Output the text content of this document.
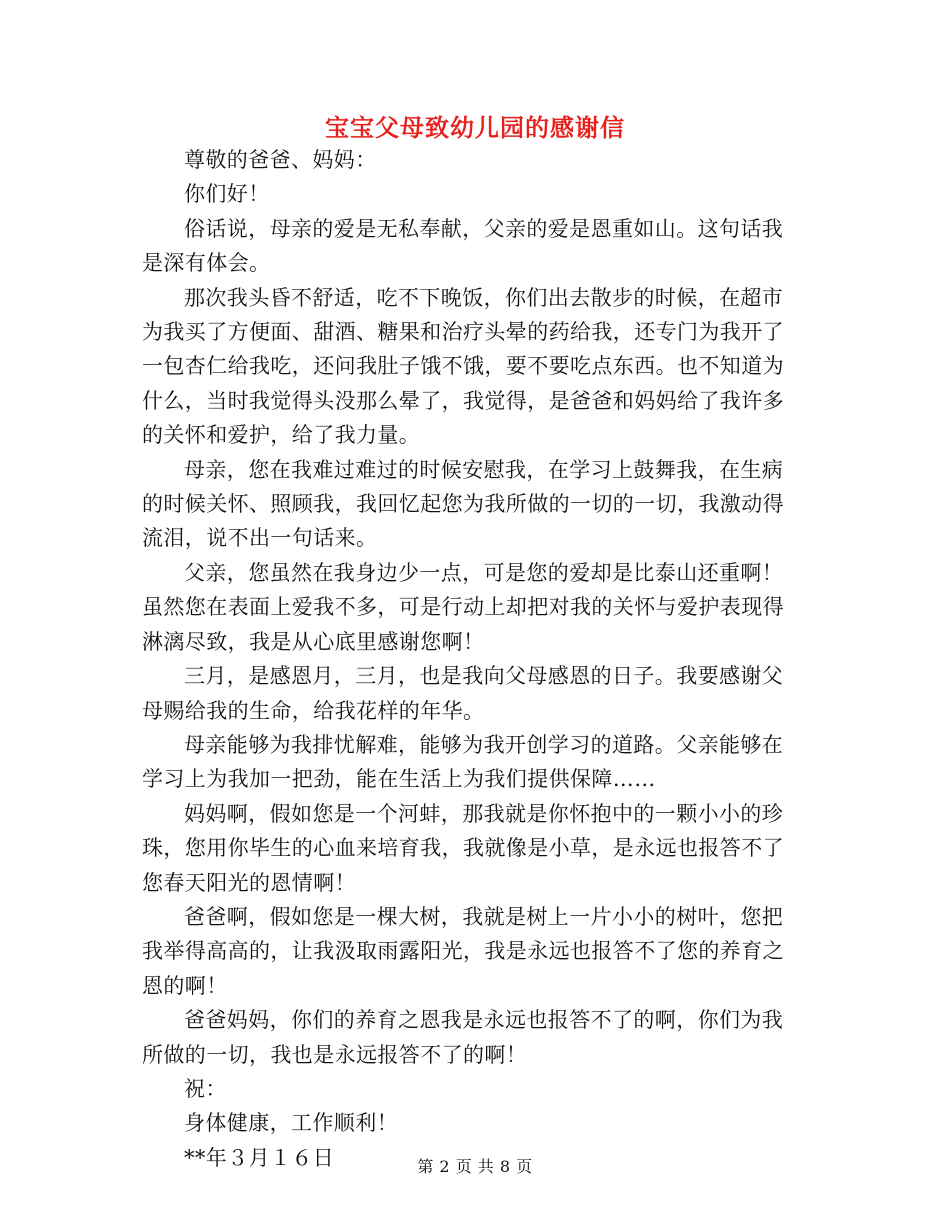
宝宝父母致幼儿园的感谢信

尊敬的爸爸、妈妈：

你们好！

俗话说，母亲的爱是无私奉献，父亲的爱是恩重如山。这句话我是深有体会。

那次我头昏不舒适，吃不下晚饭，你们出去散步的时候，在超市为我买了方便面、甜酒、糖果和治疗头晕的药给我，还专门为我开了一包杏仁给我吃，还问我肚子饿不饿，要不要吃点东西。也不知道为什么，当时我觉得头没那么晕了，我觉得，是爸爸和妈妈给了我许多的关怀和爱护，给了我力量。

母亲，您在我难过难过的时候安慰我，在学习上鼓舞我，在生病的时候关怀、照顾我，我回忆起您为我所做的一切的一切，我激动得流泪，说不出一句话来。

父亲，您虽然在我身边少一点，可是您的爱却是比泰山还重啊！虽然您在表面上爱我不多，可是行动上却把对我的关怀与爱护表现得淋漓尽致，我是从心底里感谢您啊！

三月，是感恩月，三月，也是我向父母感恩的日子。我要感谢父母赐给我的生命，给我花样的年华。

母亲能够为我排忧解难，能够为我开创学习的道路。父亲能够在学习上为我加一把劲，能在生活上为我们提供保障……

妈妈啊，假如您是一个河蚌，那我就是你怀抱中的一颗小小的珍珠，您用你毕生的心血来培育我，我就像是小草，是永远也报答不了您春天阳光的恩情啊！

爸爸啊，假如您是一棵大树，我就是树上一片小小的树叶，您把我举得高高的，让我汲取雨露阳光，我是永远也报答不了您的养育之恩的啊！

爸爸妈妈，你们的养育之恩我是永远也报答不了的啊，你们为我所做的一切，我也是永远报答不了的啊！

祝：

身体健康，工作顺利！

**年３月１６日	第 2 页 共 8 页
